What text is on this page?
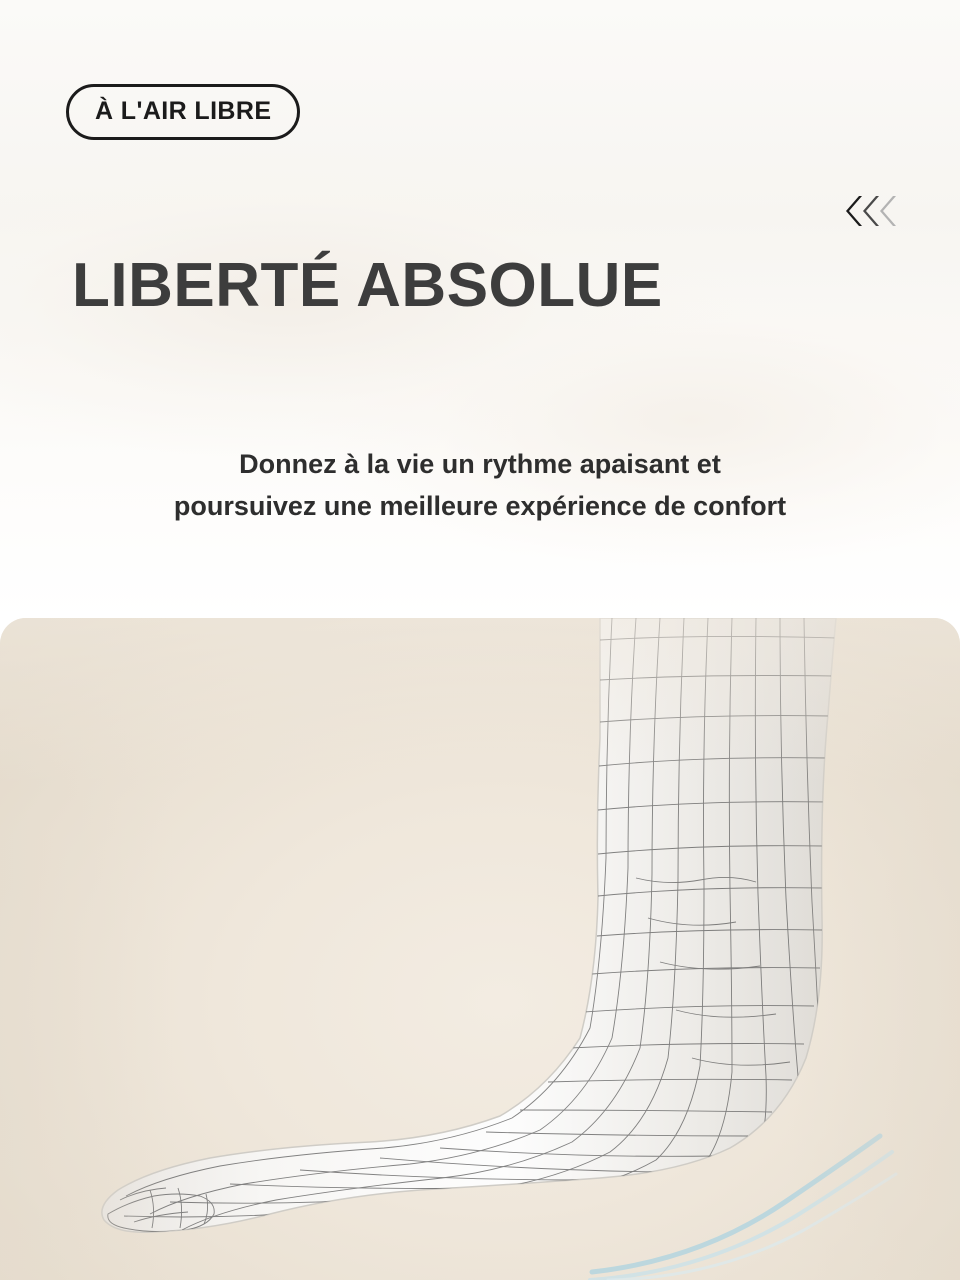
À L'AIR LIBRE
LIBERTÉ ABSOLUE
Donnez à la vie un rythme apaisant et
poursuivez une meilleure expérience de confort
